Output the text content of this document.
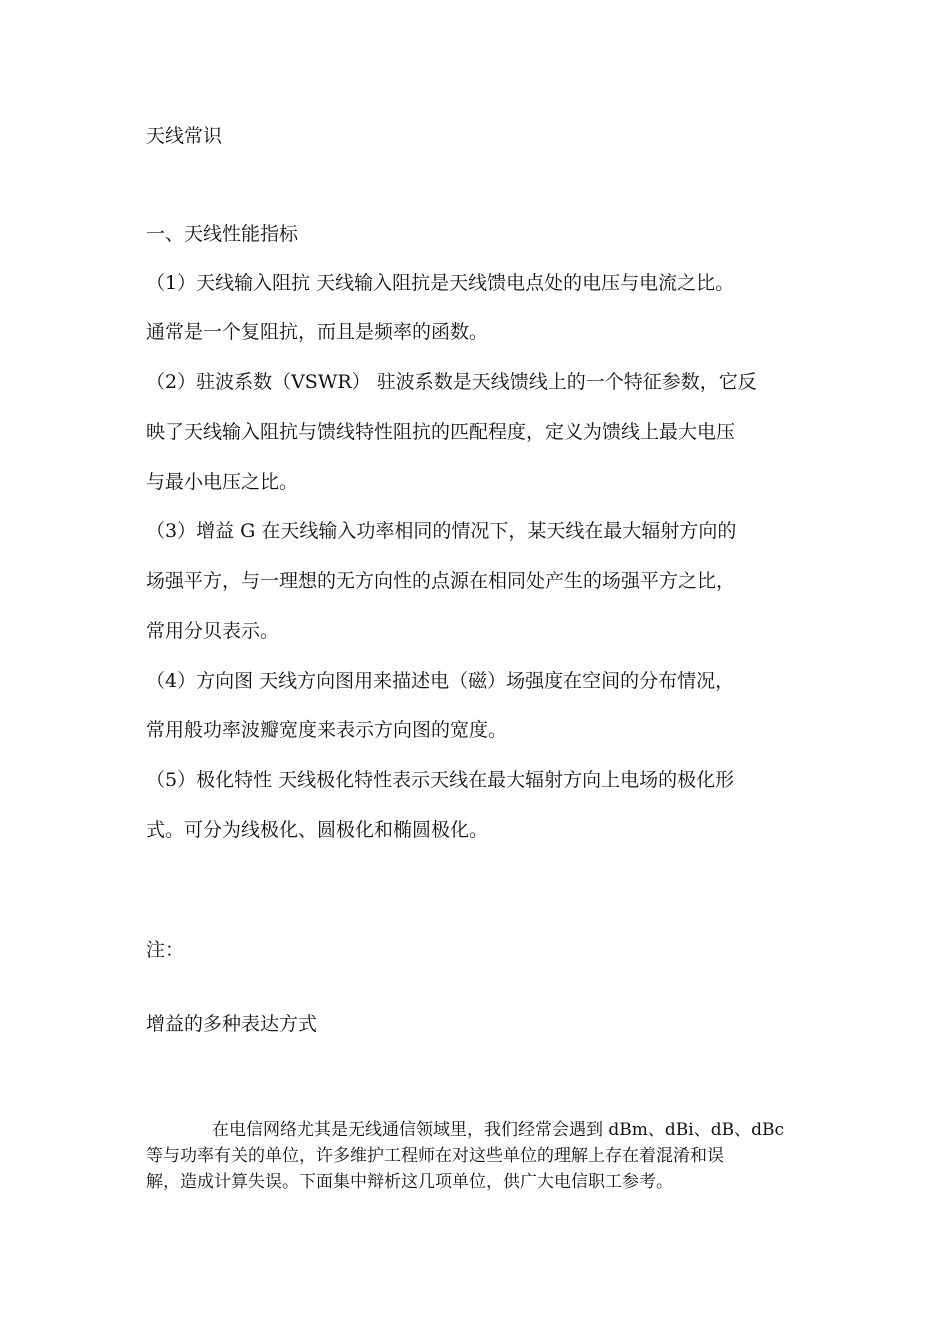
天线常识
一、天线性能指标
（1）天线输入阻抗 天线输入阻抗是天线馈电点处的电压与电流之比。
通常是一个复阻抗，而且是频率的函数。
（2）驻波系数（VSWR） 驻波系数是天线馈线上的一个特征参数，它反
映了天线输入阻抗与馈线特性阻抗的匹配程度，定义为馈线上最大电压
与最小电压之比。
（3）增益 G 在天线输入功率相同的情况下，某天线在最大辐射方向的
场强平方，与一理想的无方向性的点源在相同处产生的场强平方之比，
常用分贝表示。
（4）方向图 天线方向图用来描述电（磁）场强度在空间的分布情况，
常用般功率波瓣宽度来表示方向图的宽度。
（5）极化特性 天线极化特性表示天线在最大辐射方向上电场的极化形
式。可分为线极化、圆极化和椭圆极化。
注：
增益的多种表达方式
在电信网络尤其是无线通信领域里，我们经常会遇到 dBm、dBi、dB、dBc
等与功率有关的单位，许多维护工程师在对这些单位的理解上存在着混淆和误
解，造成计算失误。下面集中辩析这几项单位，供广大电信职工参考。
